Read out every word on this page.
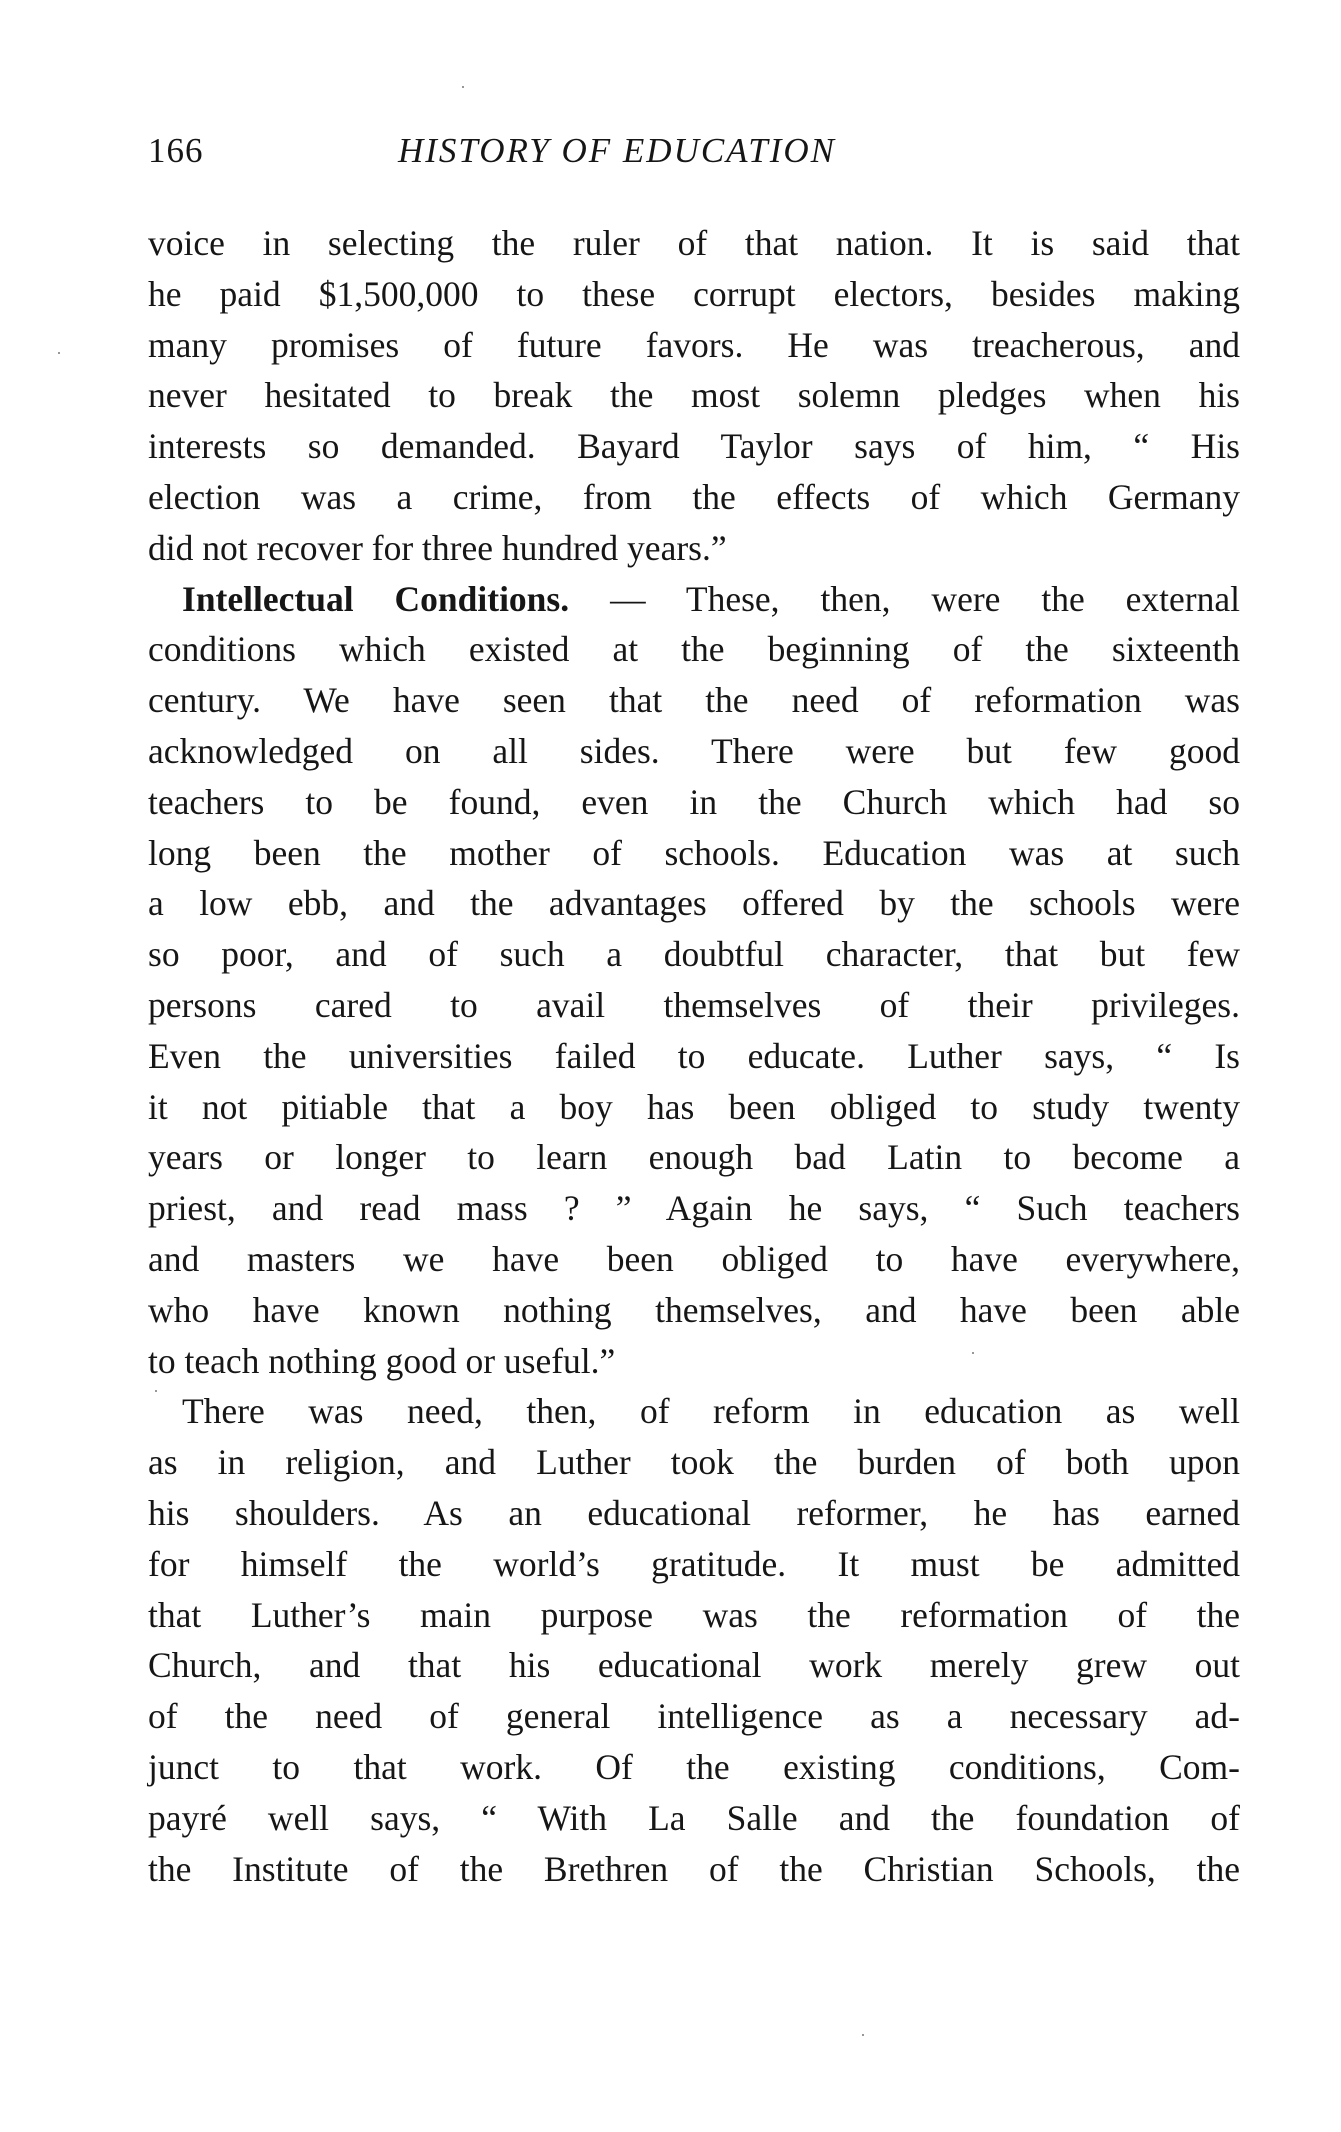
166	HISTORY OF EDUCATION
voice in selecting the ruler of that nation. It is said that
he paid $1,500,000 to these corrupt electors, besides making
many promises of future favors. He was treacherous, and
never hesitated to break the most solemn pledges when his
interests so demanded. Bayard Taylor says of him, “ His
election was a crime, from the effects of which Germany
did not recover for three hundred years.”
Intellectual Conditions. — These, then, were the external
conditions which existed at the beginning of the sixteenth
century. We have seen that the need of reformation was
acknowledged on all sides. There were but few good
teachers to be found, even in the Church which had so
long been the mother of schools. Education was at such
a low ebb, and the advantages offered by the schools were
so poor, and of such a doubtful character, that but few
persons cared to avail themselves of their privileges.
Even the universities failed to educate. Luther says, “ Is
it not pitiable that a boy has been obliged to study twenty
years or longer to learn enough bad Latin to become a
priest, and read mass ? ” Again he says, “ Such teachers
and masters we have been obliged to have everywhere,
who have known nothing themselves, and have been able
to teach nothing good or useful.”
There was need, then, of reform in education as well
as in religion, and Luther took the burden of both upon
his shoulders. As an educational reformer, he has earned
for himself the world’s gratitude. It must be admitted
that Luther’s main purpose was the reformation of the
Church, and that his educational work merely grew out
of the need of general intelligence as a necessary ad-
junct to that work. Of the existing conditions, Com-
payré well says, “ With La Salle and the foundation of
the Institute of the Brethren of the Christian Schools, the
